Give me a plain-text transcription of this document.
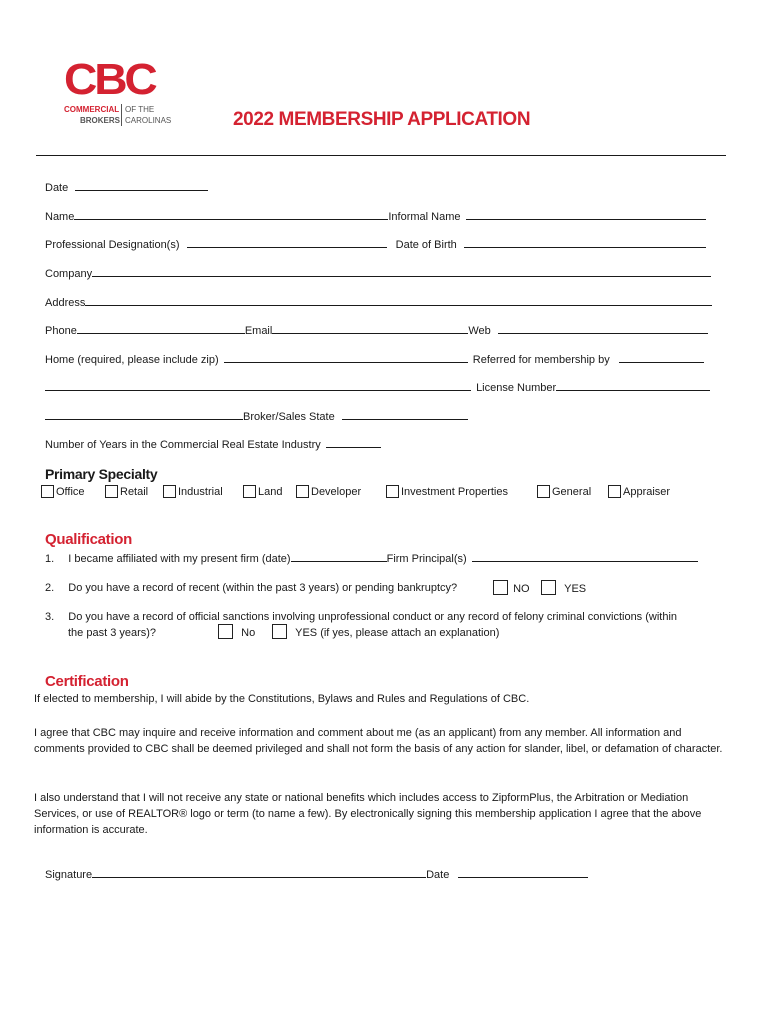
CBC
COMMERCIAL
BROKERS
OF THE
CAROLINAS	2022 MEMBERSHIP APPLICATION
Date
Name	Informal Name
Professional Designation(s)	Date of Birth
Company
Address
Phone	Email	Web
Home (required, please include zip)	Referred for membership by
License Number
Broker/Sales State
Number of Years in the Commercial Real Estate Industry
Primary Specialty
Office	Retail	Industrial	Land	Developer	Investment Properties	General	Appraiser
Qualification
1. I became affiliated with my present firm (date)	Firm Principal(s)
2. Do you have a record of recent (within the past 3 years) or pending bankruptcy?	NO	YES
3. Do you have a record of official sanctions involving unprofessional conduct or any record of felony criminal convictions (within
the past 3 years)?	No	YES (if yes, please attach an explanation)
Certification
If elected to membership, I will abide by the Constitutions, Bylaws and Rules and Regulations of CBC.
I agree that CBC may inquire and receive information and comment about me (as an applicant) from any member. All information and comments provided to CBC shall be deemed privileged and shall not form the basis of any action for slander, libel, or defamation of character.
I also understand that I will not receive any state or national benefits which includes access to ZipformPlus, the Arbitration or Mediation Services, or use of REALTOR® logo or term (to name a few). By electronically signing this membership application I agree that the above information is accurate.
Signature	Date
